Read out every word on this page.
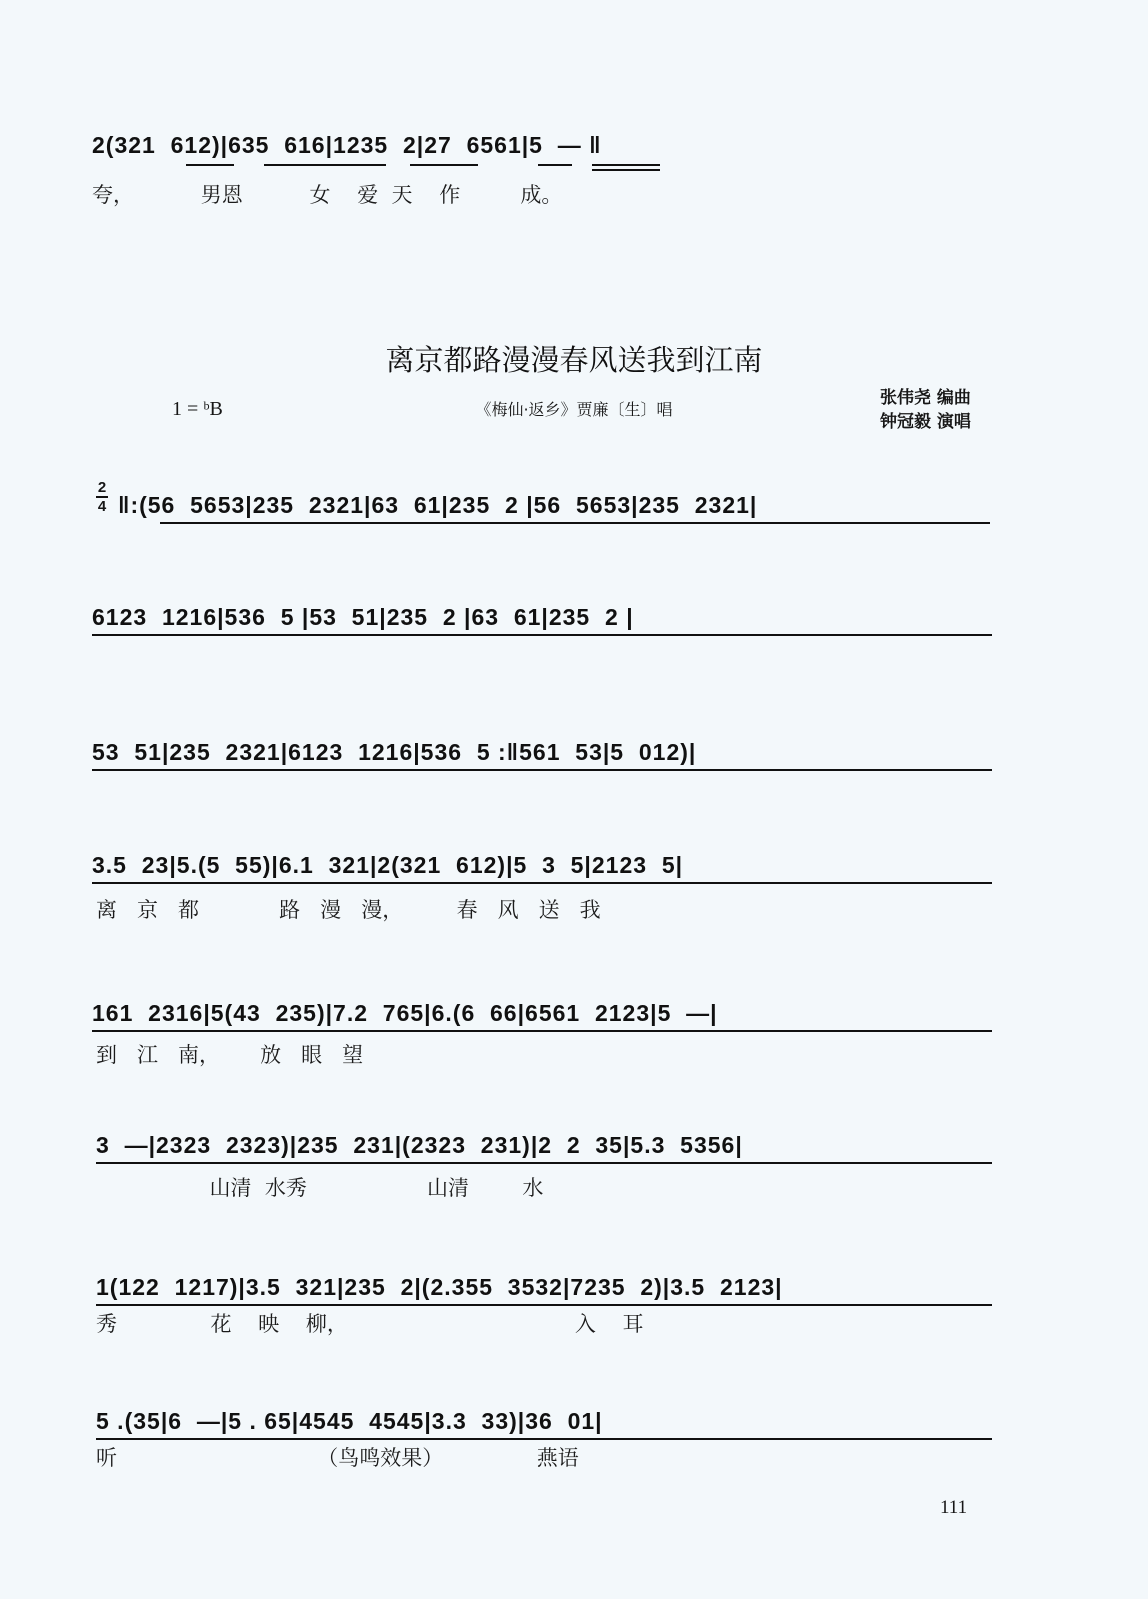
2(321  612)|635  616|1235  2|27  6561|5  — ‖
夸，          男恩          女    爱  天    作         成。
离京都路漫漫春风送我到江南
1 = ᵇB	《梅仙·返乡》贾廉〔生〕唱
张伟尧 编曲
钟冠毅 演唱
2
4 ‖:(56  5653|235  2321|63  61|235  2 |56  5653|235  2321|
6123  1216|536  5 |53  51|235  2 |63  61|235  2 |
53  51|235  2321|6123  1216|536  5 :‖561  53|5  012)|
3.5  23|5.(5  55)|6.1  321|2(321  612)|5  3  5|2123  5|
离   京   都            路   漫   漫，        春   风   送   我
161  2316|5(43  235)|7.2  765|6.(6  66|6561  2123|5  —|
到   江   南，      放   眼   望
3  —|2323  2323)|235  231|(2323  231)|2  2  35|5.3  5356|
山清  水秀                  山清        水
1(122  1217)|3.5  321|235  2|(2.355  3532|7235  2)|3.5  2123|
秀              花    映    柳，                                  入    耳
5 .(35|6  —|5 . 65|4545  4545|3.3  33)|36  01|
听                              （鸟鸣效果）              燕语
111
